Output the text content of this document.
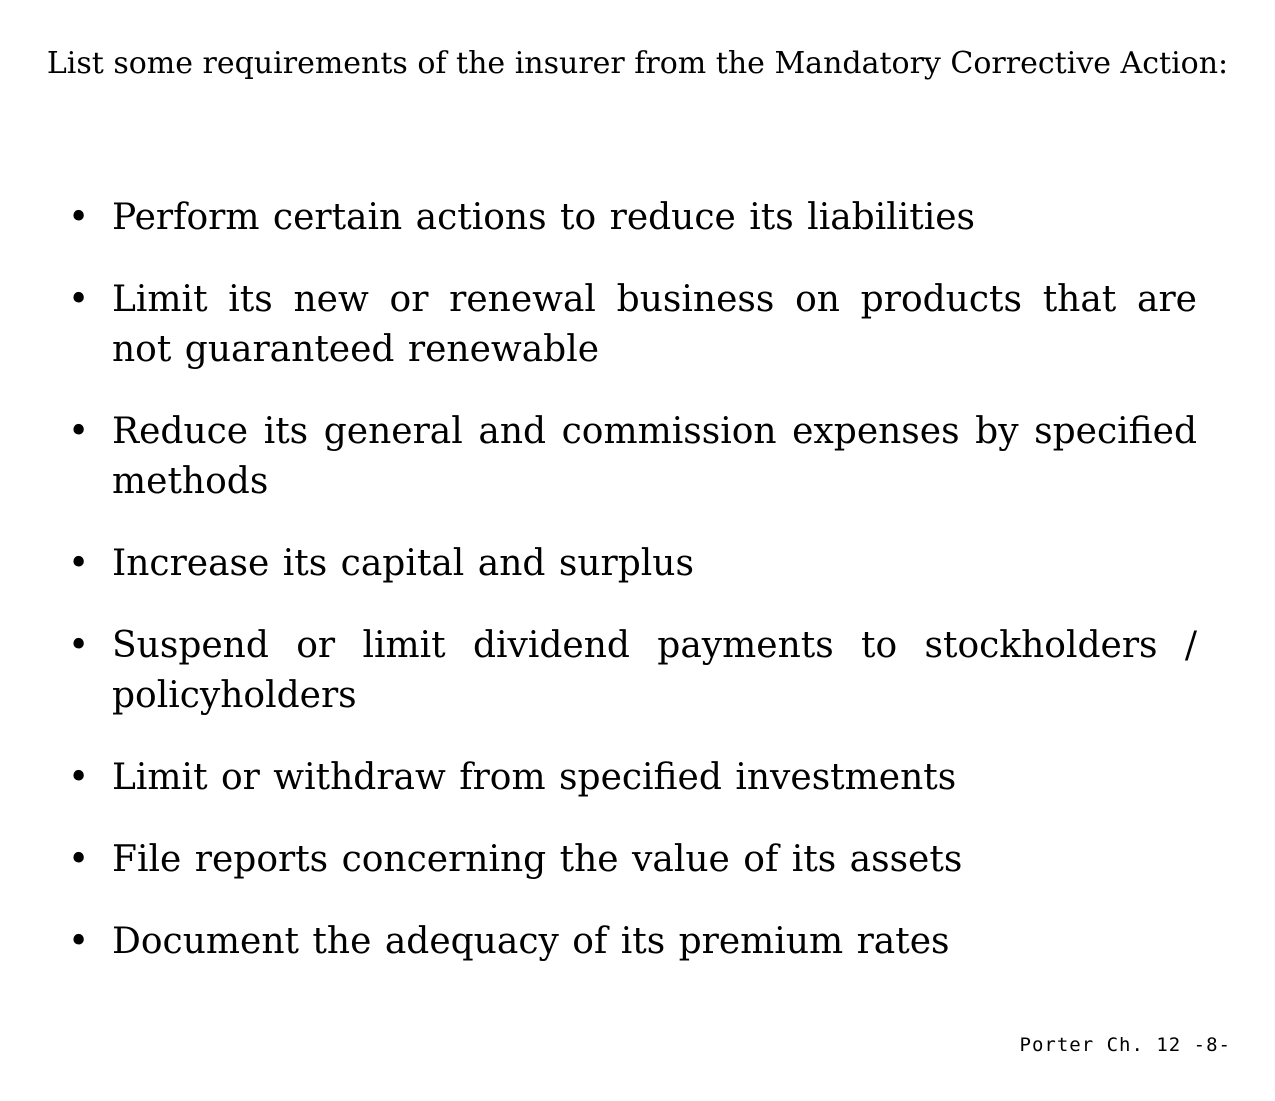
List some requirements of the insurer from the Mandatory Corrective Action:
• Perform certain actions to reduce its liabilities
• Limit its new or renewal business on products that are not guaranteed renewable
• Reduce its general and commission expenses by specified methods
• Increase its capital and surplus
• Suspend or limit dividend payments to stockholders / policyholders
• Limit or withdraw from specified investments
• File reports concerning the value of its assets
• Document the adequacy of its premium rates
Porter Ch. 12 -8-
